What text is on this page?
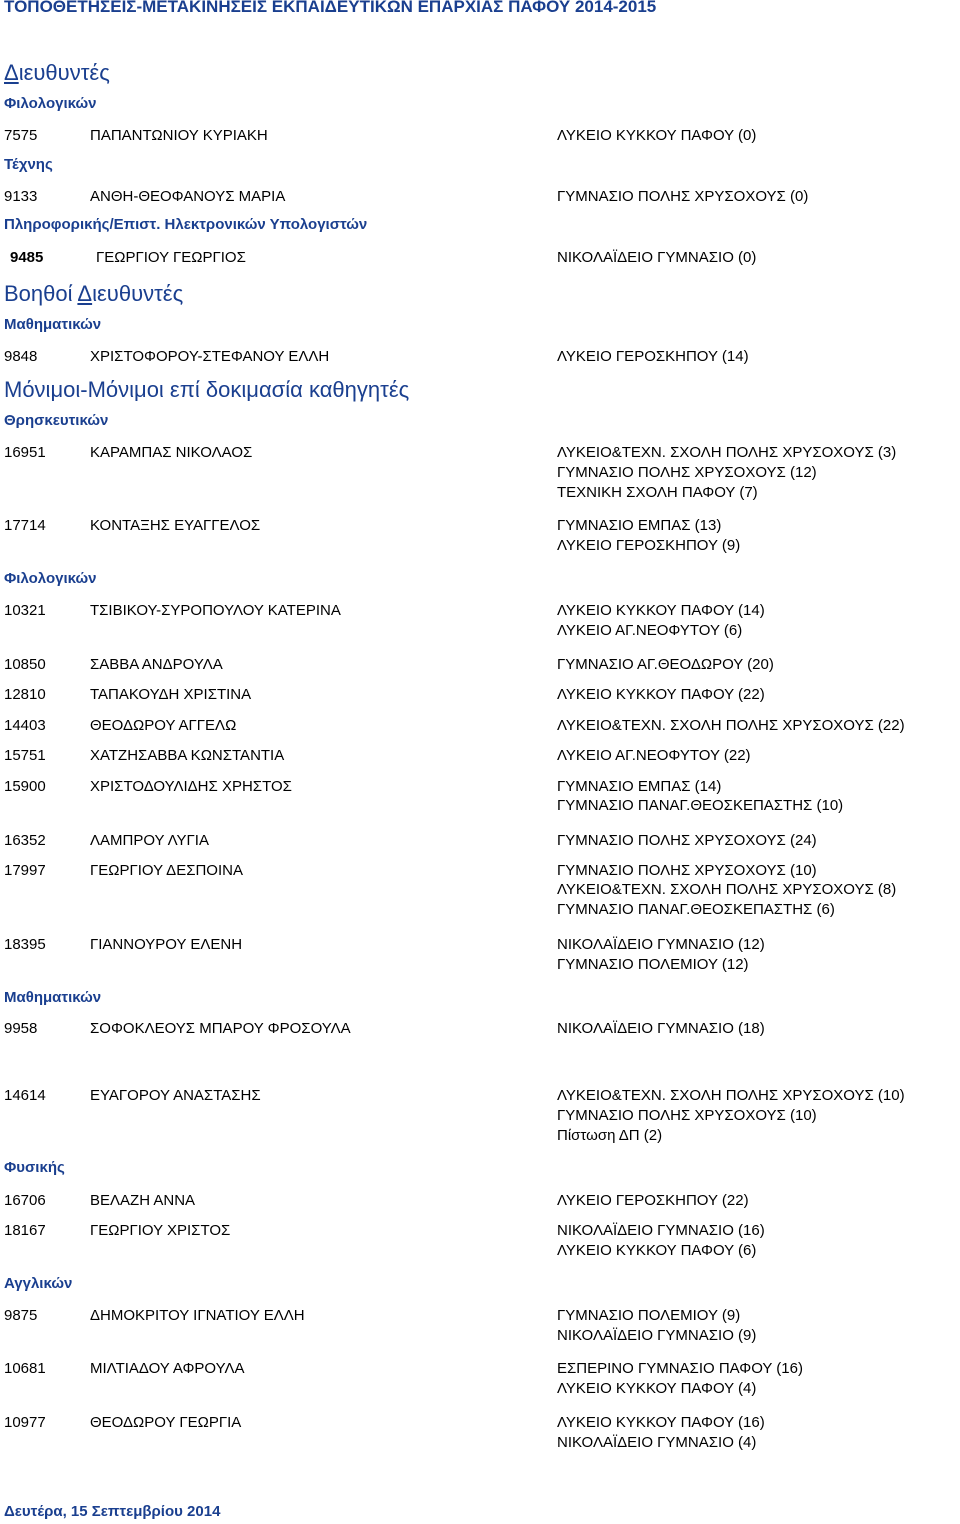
ΤΟΠΟΘΕΤΗΣΕΙΣ-ΜΕΤΑΚΙΝΗΣΕΙΣ ΕΚΠΑΙΔΕΥΤΙΚΩΝ ΕΠΑΡΧΙΑΣ ΠΑΦΟΥ 2014-2015
Διευθυντές
Φιλολογικών
7575	ΠΑΠΑΝΤΩΝΙΟΥ ΚΥΡΙΑΚΗ	ΛΥΚΕΙΟ ΚΥΚΚΟΥ ΠΑΦΟΥ (0)
Τέχνης
9133	ΑΝΘΗ-ΘΕΟΦΑΝΟΥΣ ΜΑΡΙΑ	ΓΥΜΝΑΣΙΟ ΠΟΛΗΣ ΧΡΥΣΟΧΟΥΣ (0)
Πληροφορικής/Επιστ. Ηλεκτρονικών Υπολογιστών
9485	ΓΕΩΡΓΙΟΥ ΓΕΩΡΓΙΟΣ	ΝΙΚΟΛΑΪΔΕΙΟ ΓΥΜΝΑΣΙΟ (0)
Βοηθοί Διευθυντές
Μαθηματικών
9848	ΧΡΙΣΤΟΦΟΡΟΥ-ΣΤΕΦΑΝΟΥ ΕΛΛΗ	ΛΥΚΕΙΟ ΓΕΡΟΣΚΗΠΟΥ (14)
Μόνιμοι-Μόνιμοι επί δοκιμασία καθηγητές
Θρησκευτικών
16951	ΚΑΡΑΜΠΑΣ ΝΙΚΟΛΑΟΣ	ΛΥΚΕΙΟ&ΤΕΧΝ. ΣΧΟΛΗ ΠΟΛΗΣ ΧΡΥΣΟΧΟΥΣ (3)
ΓΥΜΝΑΣΙΟ ΠΟΛΗΣ ΧΡΥΣΟΧΟΥΣ (12)
ΤΕΧΝΙΚΗ ΣΧΟΛΗ ΠΑΦΟΥ (7)
17714	ΚΟΝΤΑΞΗΣ ΕΥΑΓΓΕΛΟΣ	ΓΥΜΝΑΣΙΟ ΕΜΠΑΣ (13)
ΛΥΚΕΙΟ ΓΕΡΟΣΚΗΠΟΥ (9)
Φιλολογικών
10321	ΤΣΙΒΙΚΟΥ-ΣΥΡΟΠΟΥΛΟΥ ΚΑΤΕΡΙΝΑ	ΛΥΚΕΙΟ ΚΥΚΚΟΥ ΠΑΦΟΥ (14)
ΛΥΚΕΙΟ ΑΓ.ΝΕΟΦΥΤΟΥ (6)
10850	ΣΑΒΒΑ ΑΝΔΡΟΥΛΑ	ΓΥΜΝΑΣΙΟ ΑΓ.ΘΕΟΔΩΡΟΥ (20)
12810	ΤΑΠΑΚΟΥΔΗ ΧΡΙΣΤΙΝΑ	ΛΥΚΕΙΟ ΚΥΚΚΟΥ ΠΑΦΟΥ (22)
14403	ΘΕΟΔΩΡΟΥ ΑΓΓΕΛΩ	ΛΥΚΕΙΟ&ΤΕΧΝ. ΣΧΟΛΗ ΠΟΛΗΣ ΧΡΥΣΟΧΟΥΣ (22)
15751	ΧΑΤΖΗΣΑΒΒΑ ΚΩΝΣΤΑΝΤΙΑ	ΛΥΚΕΙΟ ΑΓ.ΝΕΟΦΥΤΟΥ (22)
15900	ΧΡΙΣΤΟΔΟΥΛΙΔΗΣ ΧΡΗΣΤΟΣ	ΓΥΜΝΑΣΙΟ ΕΜΠΑΣ (14)
ΓΥΜΝΑΣΙΟ ΠΑΝΑΓ.ΘΕΟΣΚΕΠΑΣΤΗΣ (10)
16352	ΛΑΜΠΡΟΥ ΛΥΓΙΑ	ΓΥΜΝΑΣΙΟ ΠΟΛΗΣ ΧΡΥΣΟΧΟΥΣ (24)
17997	ΓΕΩΡΓΙΟΥ ΔΕΣΠΟΙΝΑ	ΓΥΜΝΑΣΙΟ ΠΟΛΗΣ ΧΡΥΣΟΧΟΥΣ (10)
ΛΥΚΕΙΟ&ΤΕΧΝ. ΣΧΟΛΗ ΠΟΛΗΣ ΧΡΥΣΟΧΟΥΣ (8)
ΓΥΜΝΑΣΙΟ ΠΑΝΑΓ.ΘΕΟΣΚΕΠΑΣΤΗΣ (6)
18395	ΓΙΑΝΝΟΥΡΟΥ ΕΛΕΝΗ	ΝΙΚΟΛΑΪΔΕΙΟ ΓΥΜΝΑΣΙΟ (12)
ΓΥΜΝΑΣΙΟ ΠΟΛΕΜΙΟΥ (12)
Μαθηματικών
9958	ΣΟΦΟΚΛΕΟΥΣ ΜΠΑΡΟΥ ΦΡΟΣΟΥΛΑ	ΝΙΚΟΛΑΪΔΕΙΟ ΓΥΜΝΑΣΙΟ (18)
14614	ΕΥΑΓΟΡΟΥ ΑΝΑΣΤΑΣΗΣ	ΛΥΚΕΙΟ&ΤΕΧΝ. ΣΧΟΛΗ ΠΟΛΗΣ ΧΡΥΣΟΧΟΥΣ (10)
ΓΥΜΝΑΣΙΟ ΠΟΛΗΣ ΧΡΥΣΟΧΟΥΣ (10)
Πίστωση ΔΠ (2)
Φυσικής
16706	ΒΕΛΑΖΗ ΑΝΝΑ	ΛΥΚΕΙΟ ΓΕΡΟΣΚΗΠΟΥ (22)
18167	ΓΕΩΡΓΙΟΥ ΧΡΙΣΤΟΣ	ΝΙΚΟΛΑΪΔΕΙΟ ΓΥΜΝΑΣΙΟ (16)
ΛΥΚΕΙΟ ΚΥΚΚΟΥ ΠΑΦΟΥ (6)
Αγγλικών
9875	ΔΗΜΟΚΡΙΤΟΥ ΙΓΝΑΤΙΟΥ ΕΛΛΗ	ΓΥΜΝΑΣΙΟ ΠΟΛΕΜΙΟΥ (9)
ΝΙΚΟΛΑΪΔΕΙΟ ΓΥΜΝΑΣΙΟ (9)
10681	ΜΙΛΤΙΑΔΟΥ ΑΦΡΟΥΛΑ	ΕΣΠΕΡΙΝΟ ΓΥΜΝΑΣΙΟ ΠΑΦΟΥ (16)
ΛΥΚΕΙΟ ΚΥΚΚΟΥ ΠΑΦΟΥ (4)
10977	ΘΕΟΔΩΡΟΥ ΓΕΩΡΓΙΑ	ΛΥΚΕΙΟ ΚΥΚΚΟΥ ΠΑΦΟΥ (16)
ΝΙΚΟΛΑΪΔΕΙΟ ΓΥΜΝΑΣΙΟ (4)
Δευτέρα, 15 Σεπτεμβρίου 2014
